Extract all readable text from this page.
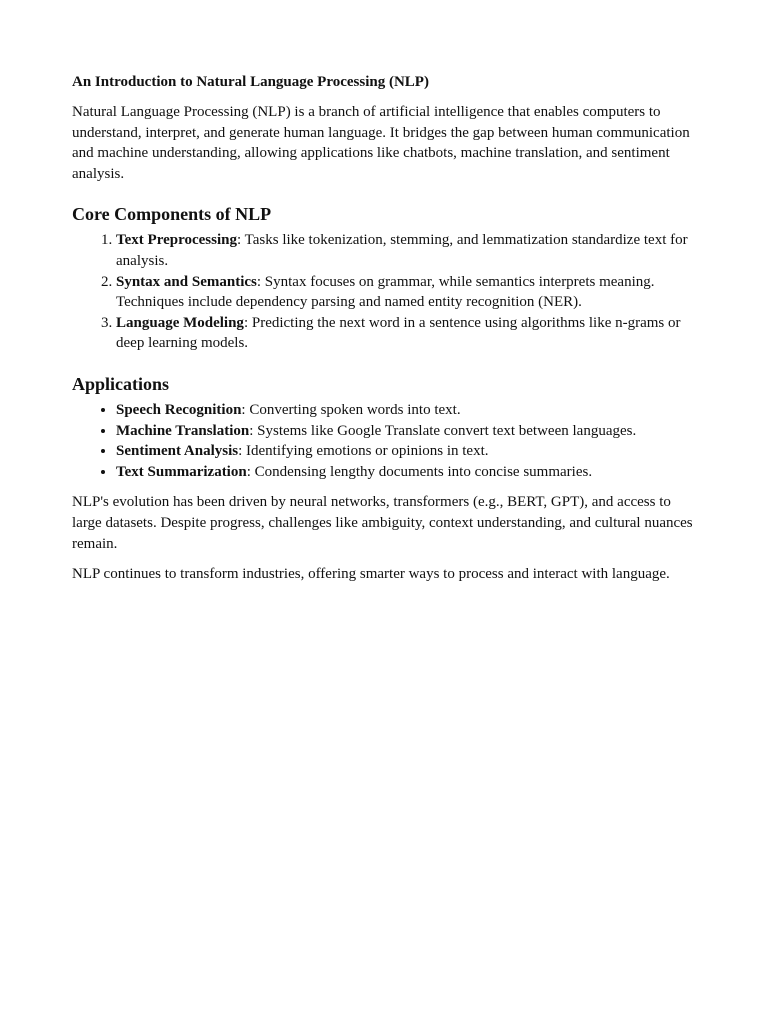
An Introduction to Natural Language Processing (NLP)

Natural Language Processing (NLP) is a branch of artificial intelligence that enables computers to understand, interpret, and generate human language. It bridges the gap between human communication and machine understanding, allowing applications like chatbots, machine translation, and sentiment analysis.

Core Components of NLP
1. Text Preprocessing: Tasks like tokenization, stemming, and lemmatization standardize text for analysis.
2. Syntax and Semantics: Syntax focuses on grammar, while semantics interprets meaning. Techniques include dependency parsing and named entity recognition (NER).
3. Language Modeling: Predicting the next word in a sentence using algorithms like n-grams or deep learning models.
Applications
• Speech Recognition: Converting spoken words into text.
• Machine Translation: Systems like Google Translate convert text between languages.
• Sentiment Analysis: Identifying emotions or opinions in text.
• Text Summarization: Condensing lengthy documents into concise summaries.

NLP's evolution has been driven by neural networks, transformers (e.g., BERT, GPT), and access to large datasets. Despite progress, challenges like ambiguity, context understanding, and cultural nuances remain.

NLP continues to transform industries, offering smarter ways to process and interact with language.
